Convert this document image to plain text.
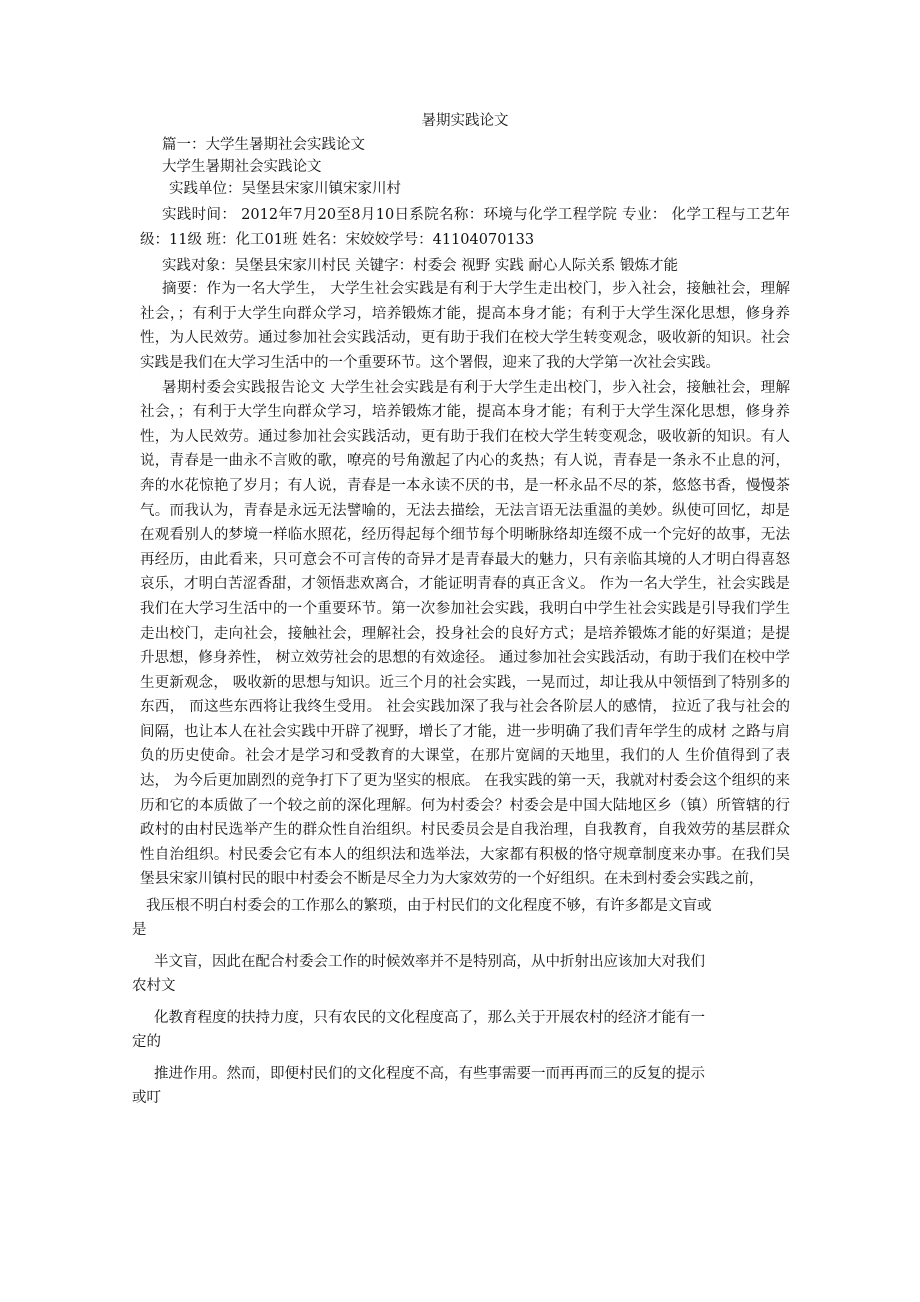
暑期实践论文

篇一：大学生暑期社会实践论文

大学生暑期社会实践论文

实践单位：吴堡县宋家川镇宋家川村

实践时间： 2012年7月20至8月10日系院名称：环境与化学工程学院 专业： 化学工程与工艺年级：11级 班：化工01班 姓名：宋姣姣学号：41104070133

实践对象：吴堡县宋家川村民 关键字：村委会 视野 实践 耐心人际关系 锻炼才能

摘要：作为一名大学生， 大学生社会实践是有利于大学生走出校门，步入社会，接触社会，理解社会，；有利于大学生向群众学习，培养锻炼才能，提高本身才能；有利于大学生深化思想，修身养性，为人民效劳。通过参加社会实践活动，更有助于我们在校大学生转变观念，吸收新的知识。社会实践是我们在大学习生活中的一个重要环节。这个署假，迎来了我的大学第一次社会实践。

暑期村委会实践报告论文 大学生社会实践是有利于大学生走出校门，步入社会，接触社会，理解社会，；有利于大学生向群众学习，培养锻炼才能，提高本身才能；有利于大学生深化思想，修身养性，为人民效劳。通过参加社会实践活动，更有助于我们在校大学生转变观念，吸收新的知识。有人说，青春是一曲永不言败的歌，嘹亮的号角激起了内心的炙热；有人说，青春是一条永不止息的河，奔的水花惊艳了岁月；有人说，青春是一本永读不厌的书，是一杯永品不尽的茶，悠悠书香，慢慢茶气。而我认为，青春是永远无法譬喻的，无法去描绘，无法言语无法重温的美妙。纵使可回忆，却是在观看别人的梦境一样临水照花，经历得起每个细节每个明晰脉络却连缀不成一个完好的故事，无法再经历，由此看来，只可意会不可言传的奇异才是青春最大的魅力，只有亲临其境的人才明白得喜怒哀乐，才明白苦涩香甜，才领悟悲欢离合，才能证明青春的真正含义。 作为一名大学生，社会实践是我们在大学习生活中的一个重要环节。第一次参加社会实践，我明白中学生社会实践是引导我们学生走出校门，走向社会，接触社会，理解社会，投身社会的良好方式；是培养锻炼才能的好渠道；是提升思想，修身养性， 树立效劳社会的思想的有效途径。 通过参加社会实践活动，有助于我们在校中学生更新观念， 吸收新的思想与知识。近三个月的社会实践，一晃而过，却让我从中领悟到了特别多的东西， 而这些东西将让我终生受用。 社会实践加深了我与社会各阶层人的感情， 拉近了我与社会的 间隔，也让本人在社会实践中开辟了视野，增长了才能，进一步明确了我们青年学生的成材 之路与肩负的历史使命。社会才是学习和受教育的大课堂，在那片宽阔的天地里，我们的人 生价值得到了表达， 为今后更加剧烈的竞争打下了更为坚实的根底。 在我实践的第一天，我就对村委会这个组织的来历和它的本质做了一个较之前的深化理解。何为村委会？村委会是中国大陆地区乡（镇）所管辖的行政村的由村民选举产生的群众性自治组织。村民委员会是自我治理，自我教育，自我效劳的基层群众性自治组织。村民委会它有本人的组织法和选举法，大家都有积极的恪守规章制度来办事。在我们吴堡县宋家川镇村民的眼中村委会不断是尽全力为大家效劳的一个好组织。在未到村委会实践之前，

我压根不明白村委会的工作那么的繁琐，由于村民们的文化程度不够，有许多都是文盲或
是

半文盲，因此在配合村委会工作的时候效率并不是特别高，从中折射出应该加大对我们
农村文

化教育程度的扶持力度，只有农民的文化程度高了，那么关于开展农村的经济才能有一
定的

推进作用。然而，即便村民们的文化程度不高，有些事需要一而再再而三的反复的提示
或叮
